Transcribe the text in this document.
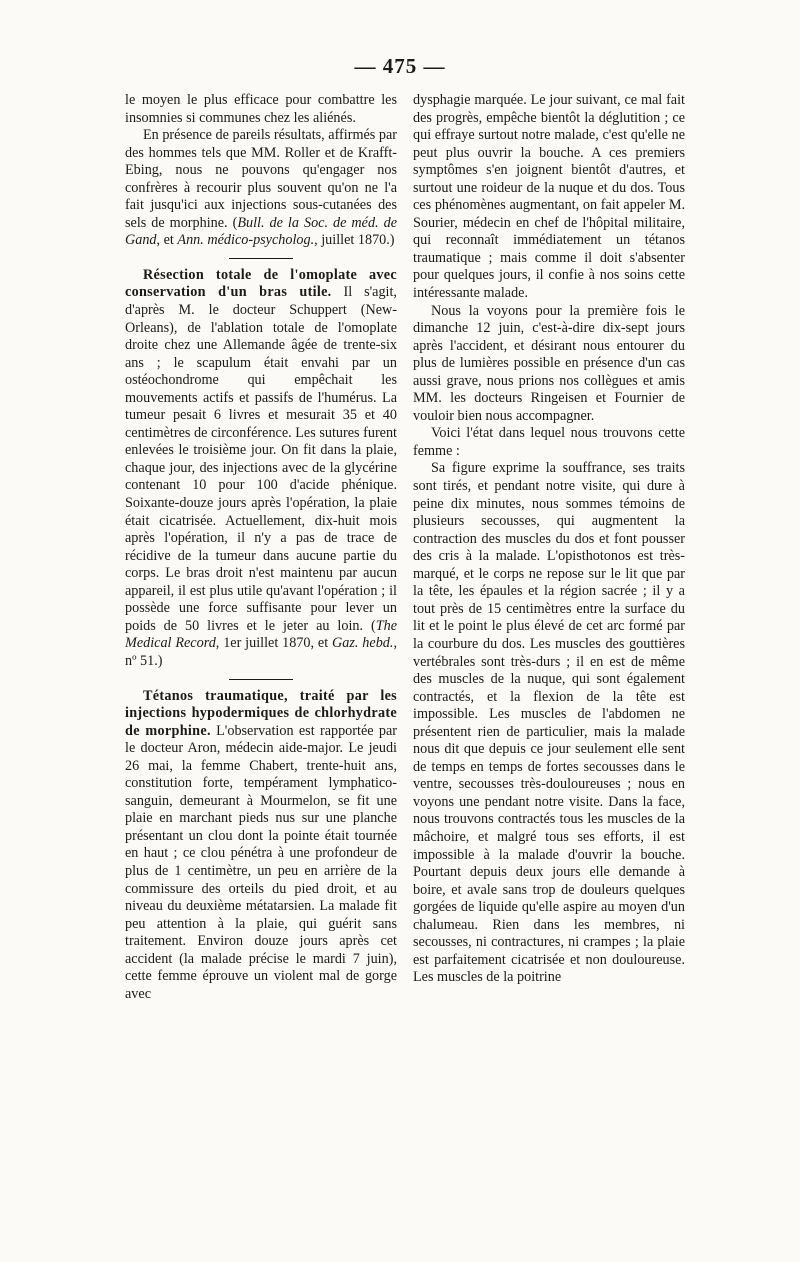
— 475 —

le moyen le plus efficace pour combattre les insomnies si communes chez les aliénés.

En présence de pareils résultats, affirmés par des hommes tels que MM. Roller et de Krafft-Ebing, nous ne pouvons qu'engager nos confrères à recourir plus souvent qu'on ne l'a fait jusqu'ici aux injections sous-cutanées des sels de morphine. (Bull. de la Soc. de méd. de Gand, et Ann. médico-psycholog., juillet 1870.)

Résection totale de l'omoplate avec conservation d'un bras utile. Il s'agit, d'après M. le docteur Schuppert (New-Orleans), de l'ablation totale de l'omoplate droite chez une Allemande âgée de trente-six ans ; le scapulum était envahi par un ostéochondrome qui empêchait les mouvements actifs et passifs de l'humérus. La tumeur pesait 6 livres et mesurait 35 et 40 centimètres de circonférence. Les sutures furent enlevées le troisième jour. On fit dans la plaie, chaque jour, des injections avec de la glycérine contenant 10 pour 100 d'acide phénique. Soixante-douze jours après l'opération, la plaie était cicatrisée. Actuellement, dix-huit mois après l'opération, il n'y a pas de trace de récidive de la tumeur dans aucune partie du corps. Le bras droit n'est maintenu par aucun appareil, il est plus utile qu'avant l'opération ; il possède une force suffisante pour lever un poids de 50 livres et le jeter au loin. (The Medical Record, 1er juillet 1870, et Gaz. hebd., nº 51.)

Tétanos traumatique, traité par les injections hypodermiques de chlorhydrate de morphine. L'observation est rapportée par le docteur Aron, médecin aide-major. Le jeudi 26 mai, la femme Chabert, trente-huit ans, constitution forte, tempérament lymphatico-sanguin, demeurant à Mourmelon, se fit une plaie en marchant pieds nus sur une planche présentant un clou dont la pointe était tournée en haut ; ce clou pénétra à une profondeur de plus de 1 centimètre, un peu en arrière de la commissure des orteils du pied droit, et au niveau du deuxième métatarsien. La malade fit peu attention à la plaie, qui guérit sans traitement. Environ douze jours après cet accident (la malade précise le mardi 7 juin), cette femme éprouve un violent mal de gorge avec

dysphagie marquée. Le jour suivant, ce mal fait des progrès, empêche bientôt la déglutition ; ce qui effraye surtout notre malade, c'est qu'elle ne peut plus ouvrir la bouche. A ces premiers symptômes s'en joignent bientôt d'autres, et surtout une roideur de la nuque et du dos. Tous ces phénomènes augmentant, on fait appeler M. Sourier, médecin en chef de l'hôpital militaire, qui reconnaît immédiatement un tétanos traumatique ; mais comme il doit s'absenter pour quelques jours, il confie à nos soins cette intéressante malade.

Nous la voyons pour la première fois le dimanche 12 juin, c'est-à-dire dix-sept jours après l'accident, et désirant nous entourer du plus de lumières possible en présence d'un cas aussi grave, nous prions nos collègues et amis MM. les docteurs Ringeisen et Fournier de vouloir bien nous accompagner.

Voici l'état dans lequel nous trouvons cette femme :

Sa figure exprime la souffrance, ses traits sont tirés, et pendant notre visite, qui dure à peine dix minutes, nous sommes témoins de plusieurs secousses, qui augmentent la contraction des muscles du dos et font pousser des cris à la malade. L'opisthotonos est très-marqué, et le corps ne repose sur le lit que par la tête, les épaules et la région sacrée ; il y a tout près de 15 centimètres entre la surface du lit et le point le plus élevé de cet arc formé par la courbure du dos. Les muscles des gouttières vertébrales sont très-durs ; il en est de même des muscles de la nuque, qui sont également contractés, et la flexion de la tête est impossible. Les muscles de l'abdomen ne présentent rien de particulier, mais la malade nous dit que depuis ce jour seulement elle sent de temps en temps de fortes secousses dans le ventre, secousses très-douloureuses ; nous en voyons une pendant notre visite. Dans la face, nous trouvons contractés tous les muscles de la mâchoire, et malgré tous ses efforts, il est impossible à la malade d'ouvrir la bouche. Pourtant depuis deux jours elle demande à boire, et avale sans trop de douleurs quelques gorgées de liquide qu'elle aspire au moyen d'un chalumeau. Rien dans les membres, ni secousses, ni contractures, ni crampes ; la plaie est parfaitement cicatrisée et non douloureuse. Les muscles de la poitrine
